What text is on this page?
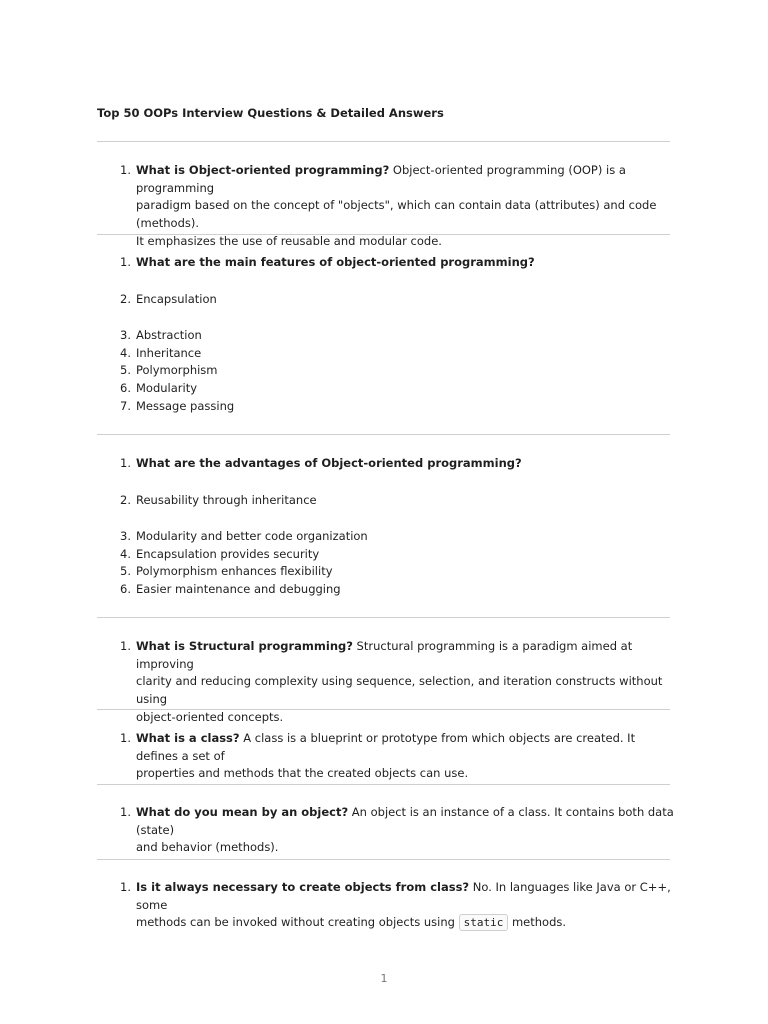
Top 50 OOPs Interview Questions & Detailed Answers
1. What is Object-oriented programming? Object-oriented programming (OOP) is a programming
paradigm based on the concept of "objects", which can contain data (attributes) and code (methods).
It emphasizes the use of reusable and modular code.
1. What are the main features of object-oriented programming?
2. Encapsulation
3. Abstraction
4. Inheritance
5. Polymorphism
6. Modularity
7. Message passing
1. What are the advantages of Object-oriented programming?
2. Reusability through inheritance
3. Modularity and better code organization
4. Encapsulation provides security
5. Polymorphism enhances flexibility
6. Easier maintenance and debugging
1. What is Structural programming? Structural programming is a paradigm aimed at improving
clarity and reducing complexity using sequence, selection, and iteration constructs without using
object-oriented concepts.
1. What is a class? A class is a blueprint or prototype from which objects are created. It defines a set of
properties and methods that the created objects can use.
1. What do you mean by an object? An object is an instance of a class. It contains both data (state)
and behavior (methods).
1. Is it always necessary to create objects from class? No. In languages like Java or C++, some
methods can be invoked without creating objects using static methods.
1
